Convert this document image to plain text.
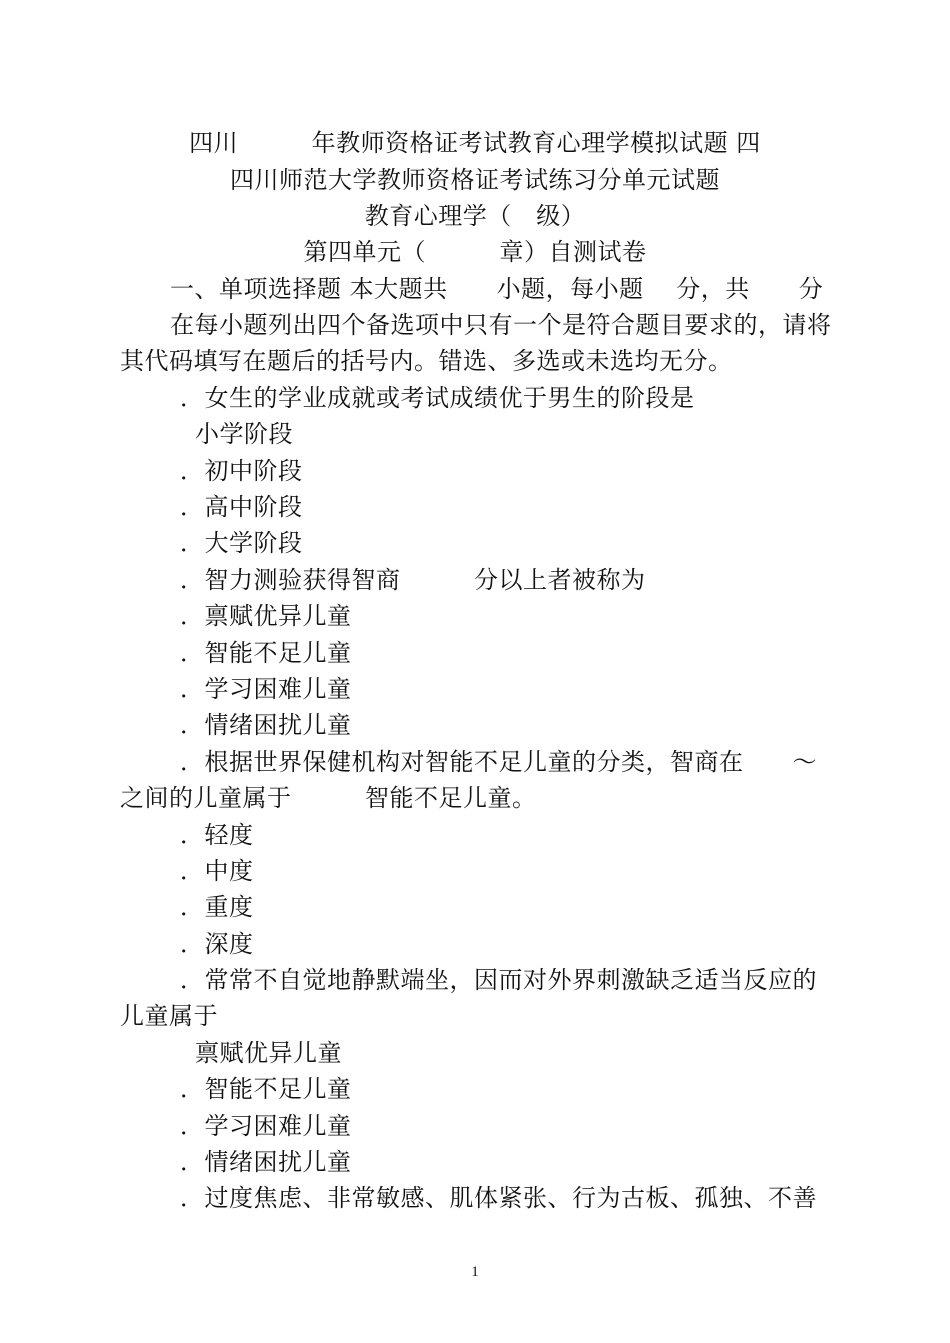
四川　　　年教师资格证考试教育心理学模拟试题 四
四川师范大学教师资格证考试练习分单元试题
教育心理学（　级）
第四单元（　　　章）自测试卷
一、单项选择题 本大题共　　小题，每小题　 分，共　　分
在每小题列出四个备选项中只有一个是符合题目要求的，请将
其代码填写在题后的括号内。错选、多选或未选均无分。
．女生的学业成就或考试成绩优于男生的阶段是
小学阶段
．初中阶段
．高中阶段
．大学阶段
．智力测验获得智商　　　分以上者被称为
．禀赋优异儿童
．智能不足儿童
．学习困难儿童
．情绪困扰儿童
．根据世界保健机构对智能不足儿童的分类，智商在　　～
之间的儿童属于　　　智能不足儿童。
．轻度
．中度
．重度
．深度
．常常不自觉地静默端坐，因而对外界刺激缺乏适当反应的
儿童属于
禀赋优异儿童
．智能不足儿童
．学习困难儿童
．情绪困扰儿童
．过度焦虑、非常敏感、肌体紧张、行为古板、孤独、不善
1
